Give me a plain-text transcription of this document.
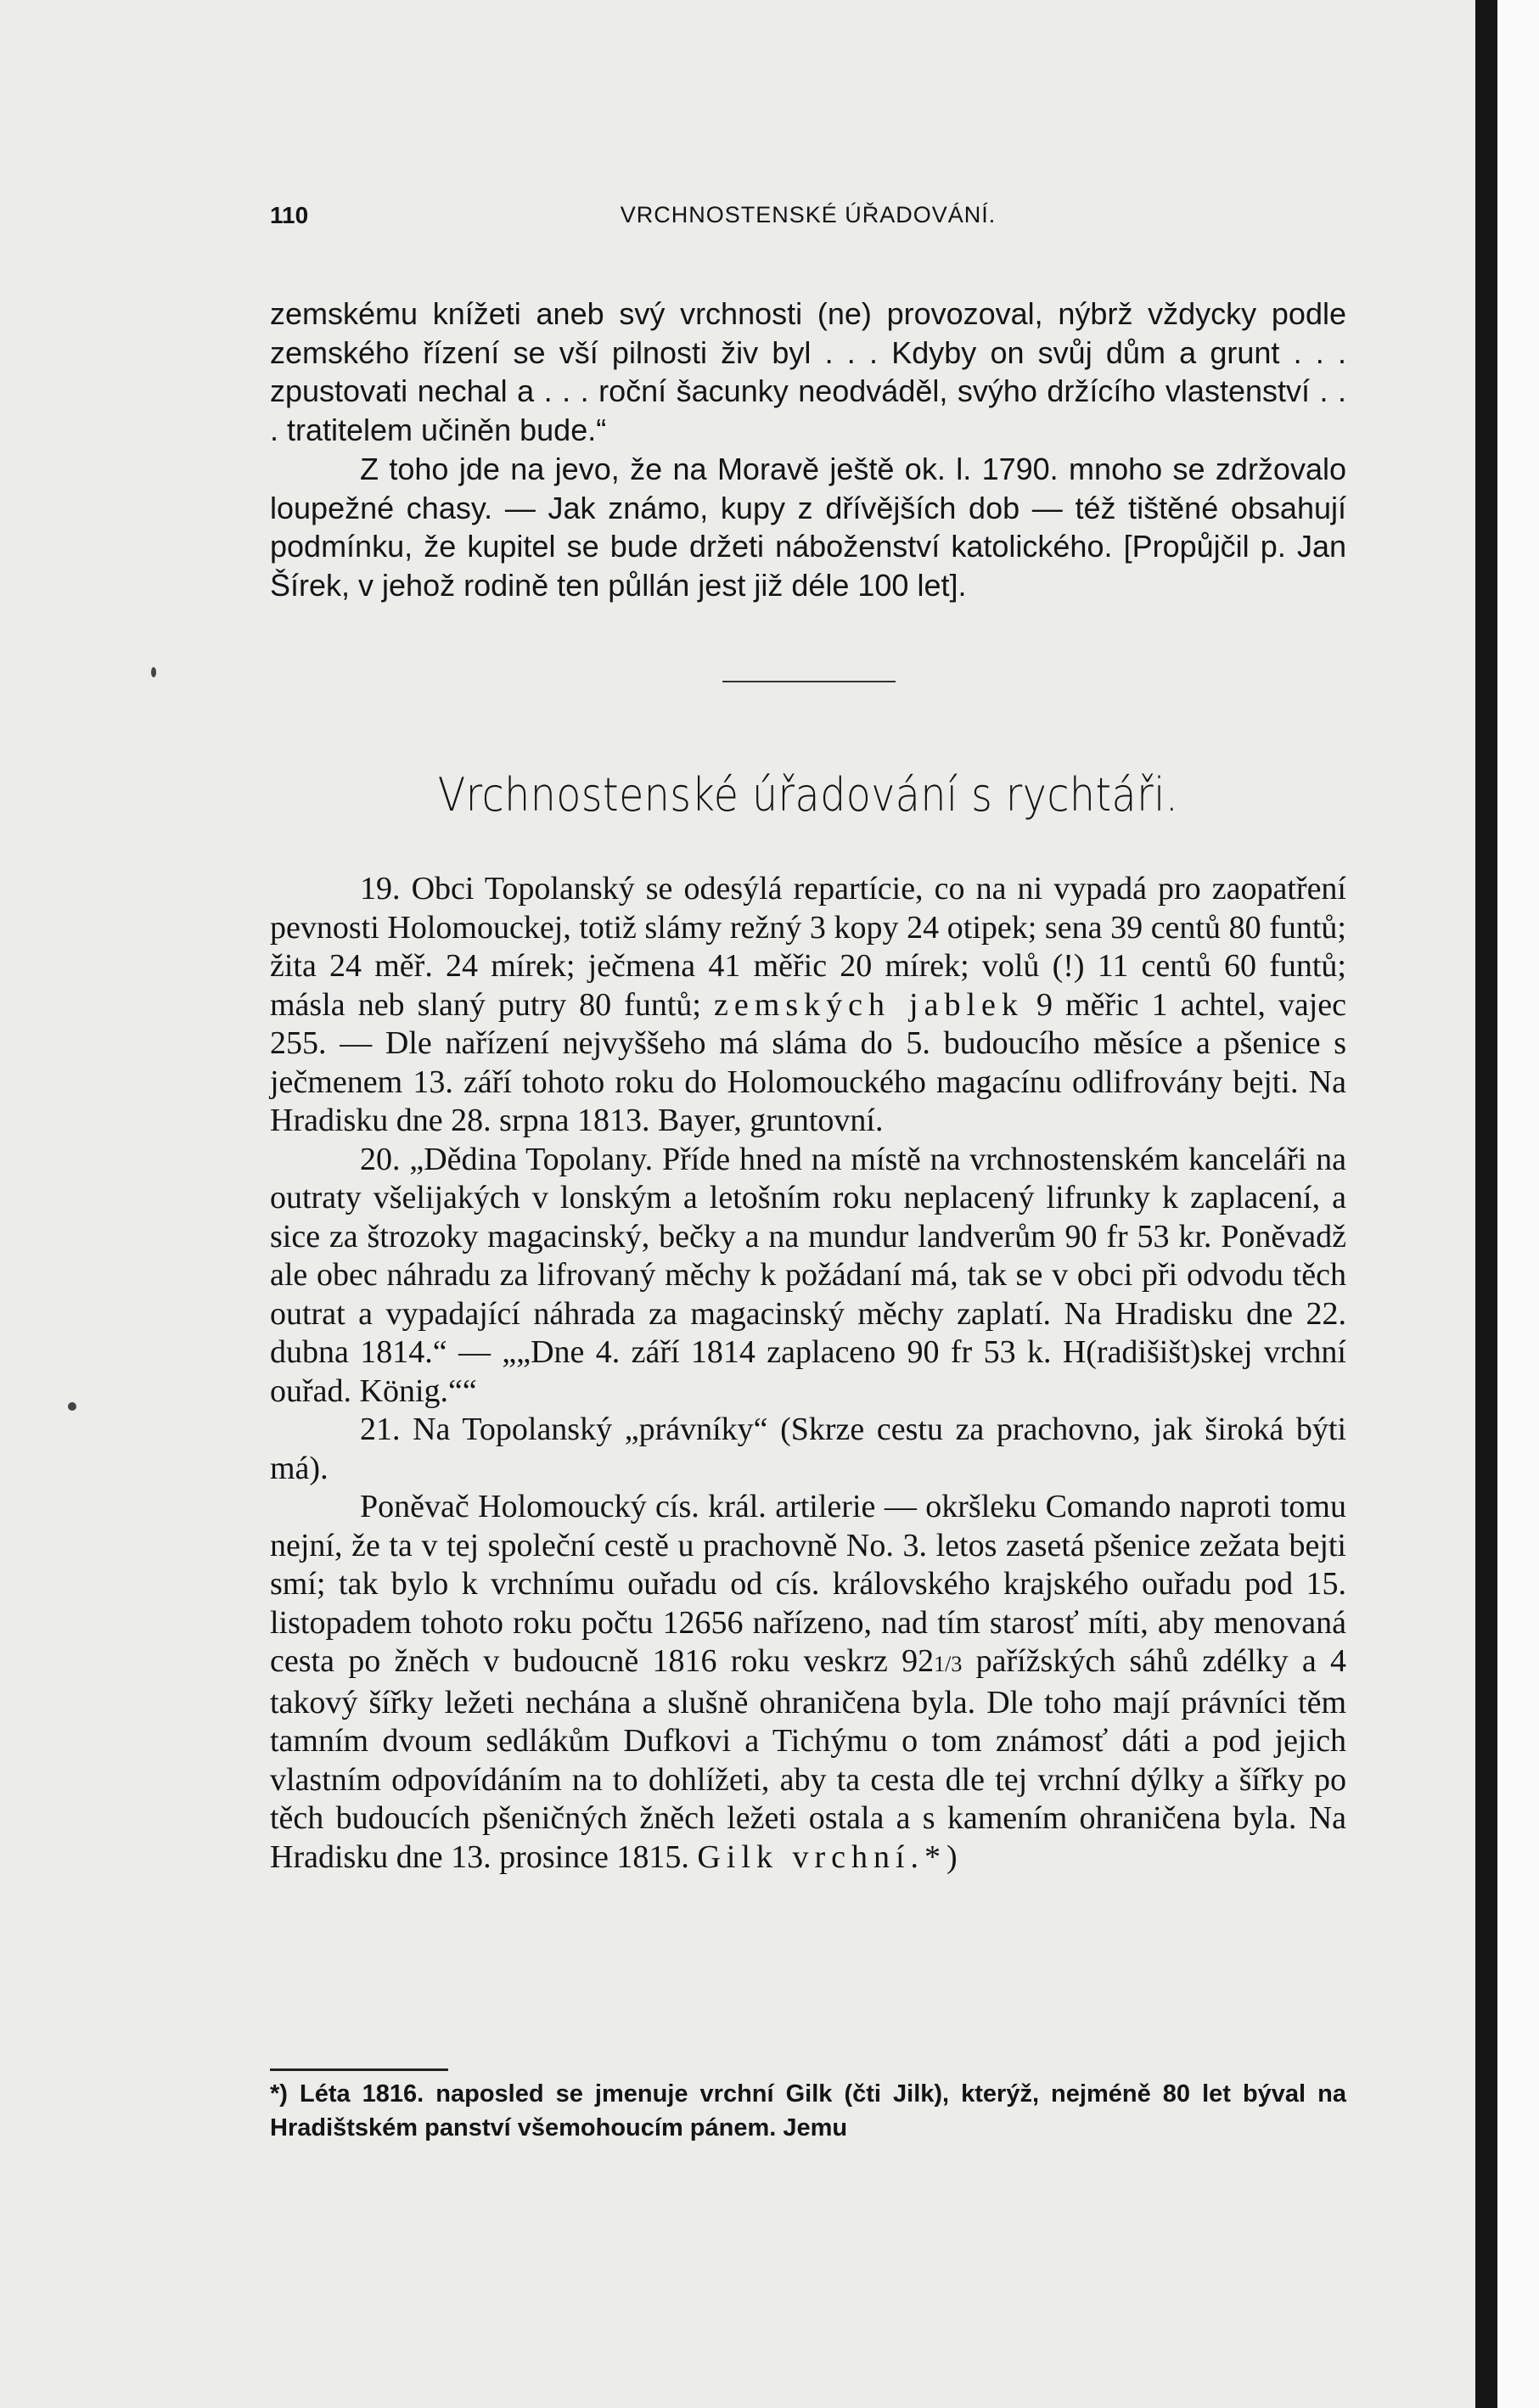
110	VRCHNOSTENSKÉ ÚŘADOVÁNÍ.

zemskému knížeti aneb svý vrchnosti (ne) provozoval, nýbrž vždycky podle zemského řízení se vší pilnosti živ byl . . . Kdyby on svůj dům a grunt . . . zpustovati nechal a . . . roční šacunky neodváděl, svýho držícího vlastenství . . . tratitelem učiněn bude.“

Z toho jde na jevo, že na Moravě ještě ok. l. 1790. mnoho se zdržovalo loupežné chasy. — Jak známo, kupy z dřívějších dob — též tištěné obsahují podmínku, že kupitel se bude držeti náboženství katolického. [Propůjčil p. Jan Šírek, v jehož rodině ten půllán jest již déle 100 let].

Vrchnostenské úřadování s rychtáři.

19. Obci Topolanský se odesýlá repartície, co na ni vypadá pro zaopatření pevnosti Holomouckej, totiž slámy režný 3 kopy 24 otipek; sena 39 centů 80 funtů; žita 24 měř. 24 mírek; ječmena 41 měřic 20 mírek; volů (!) 11 centů 60 funtů; másla neb slaný putry 80 funtů; zemských jablek 9 měřic 1 achtel, vajec 255. — Dle nařízení nejvyššeho má sláma do 5. budoucího měsíce a pšenice s ječmenem 13. září tohoto roku do Holomouckého magacínu odlifrovány bejti. Na Hradisku dne 28. srpna 1813. Bayer, gruntovní.

20. „Dědina Topolany. Příde hned na místě na vrchnostenském kanceláři na outraty všelijakých v lonským a letošním roku neplacený lifrunky k zaplacení, a sice za štrozoky magacinský, bečky a na mundur landverům 90 fr 53 kr. Poněvadž ale obec náhradu za lifrovaný měchy k požádaní má, tak se v obci při odvodu těch outrat a vypadající náhrada za magacinský měchy zaplatí. Na Hradisku dne 22. dubna 1814.“ — „„Dne 4. září 1814 zaplaceno 90 fr 53 k. H(radišišt)skej vrchní ouřad. König.““

21. Na Topolanský „právníky“ (Skrze cestu za prachovno, jak široká býti má).

Poněvač Holomoucký cís. král. artilerie — okršleku Comando naproti tomu nejní, že ta v tej společní cestě u prachovně No. 3. letos zasetá pšenice zežata bejti smí; tak bylo k vrchnímu ouřadu od cís. královského krajského ouřadu pod 15. listopadem tohoto roku počtu 12656 nařízeno, nad tím starosť míti, aby menovaná cesta po žněch v budoucně 1816 roku veskrz 921/3 pařížských sáhů zdélky a 4 takový šířky ležeti nechána a slušně ohraničena byla. Dle toho mají právníci těm tamním dvoum sedlákům Dufkovi a Tichýmu o tom známosť dáti a pod jejich vlastním odpovídáním na to dohlížeti, aby ta cesta dle tej vrchní dýlky a šířky po těch budoucích pšeničných žněch ležeti ostala a s kamením ohraničena byla. Na Hradisku dne 13. prosince 1815. Gilk vrchní.*)

*) Léta 1816. naposled se jmenuje vrchní Gilk (čti Jilk), kterýž, nejméně 80 let býval na Hradištském panství všemohoucím pánem. Jemu
